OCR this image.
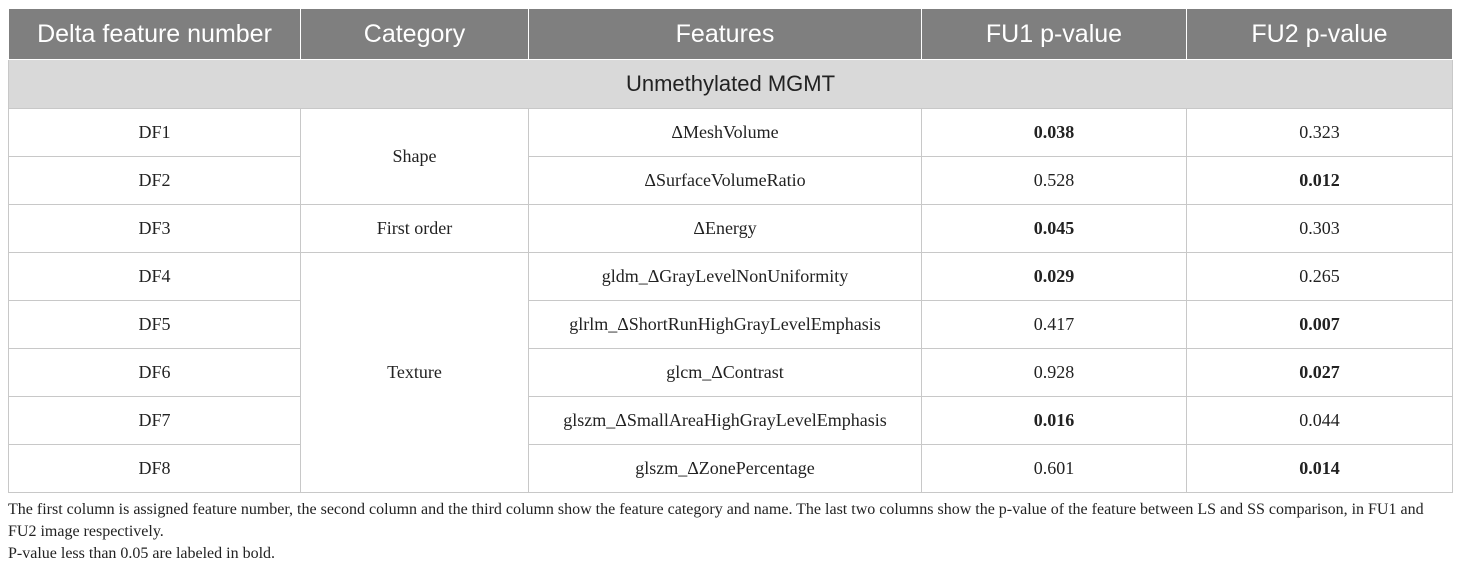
Delta feature number	Category	Features	FU1 p-value	FU2 p-value
Unmethylated MGMT				
DF1	Shape	ΔMeshVolume	0.038	0.323
DF2		ΔSurfaceVolumeRatio	0.528	0.012
DF3	First order	ΔEnergy	0.045	0.303
DF4	Texture	gldm_ΔGrayLevelNonUniformity	0.029	0.265
DF5		glrlm_ΔShortRunHighGrayLevelEmphasis	0.417	0.007
DF6		glcm_ΔContrast	0.928	0.027
DF7		glszm_ΔSmallAreaHighGrayLevelEmphasis	0.016	0.044
DF8		glszm_ΔZonePercentage	0.601	0.014

The first column is assigned feature number, the second column and the third column show the feature category and name. The last two columns show the p-value of the feature between LS and SS comparison, in FU1 and FU2 image respectively.

P-value less than 0.05 are labeled in bold.
